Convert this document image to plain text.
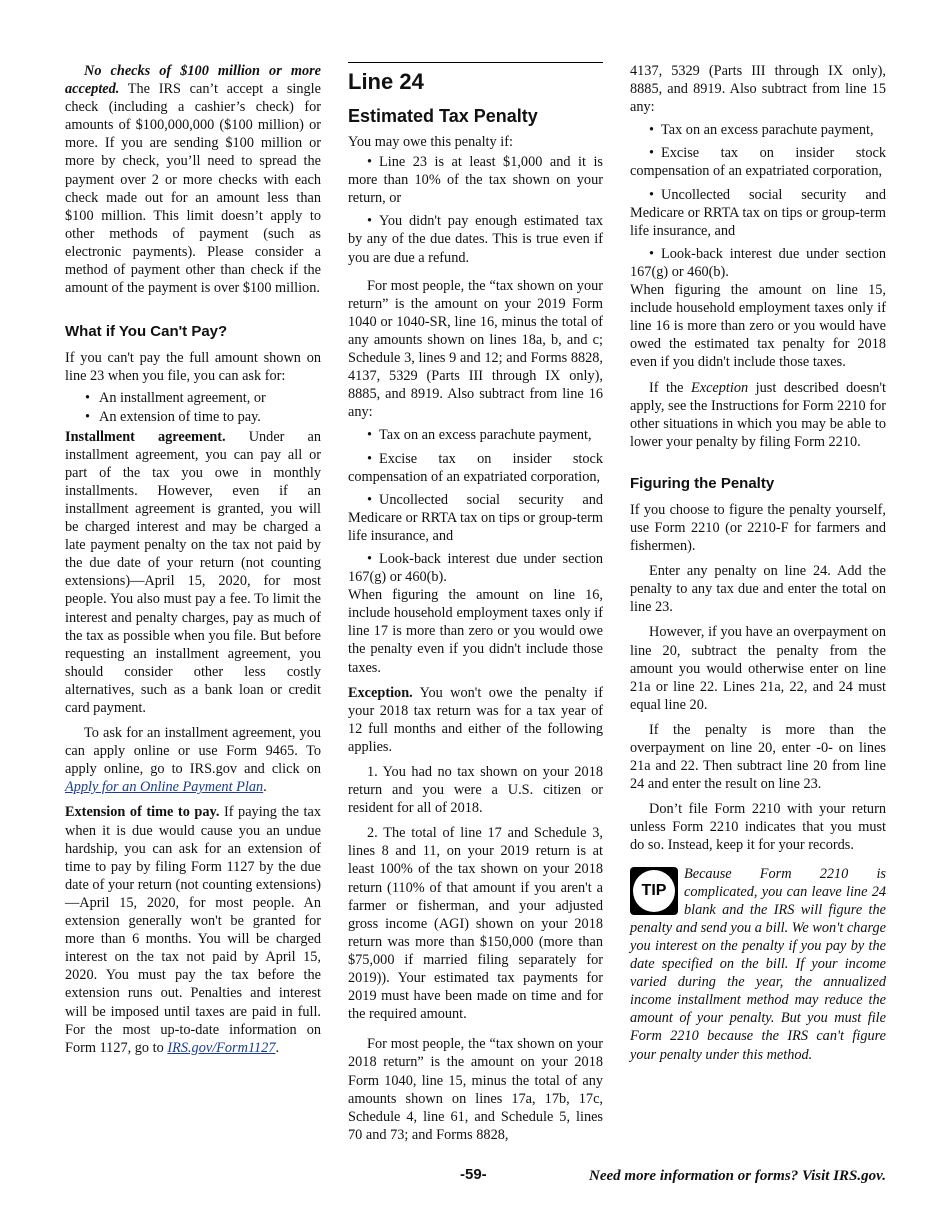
No checks of $100 million or more accepted. The IRS can’t accept a single check (including a cashier’s check) for amounts of $100,000,000 ($100 million) or more. If you are sending $100 million or more by check, you’ll need to spread the payment over 2 or more checks with each check made out for an amount less than $100 million. This limit doesn’t apply to other methods of payment (such as electronic payments). Please consider a method of payment other than check if the amount of the payment is over $100 million.

What if You Can't Pay?

If you can't pay the full amount shown on line 23 when you file, you can ask for:

• An installment agreement, or
• An extension of time to pay.

Installment agreement. Under an installment agreement, you can pay all or part of the tax you owe in monthly installments. However, even if an installment agreement is granted, you will be charged interest and may be charged a late payment penalty on the tax not paid by the due date of your return (not counting extensions)—April 15, 2020, for most people. You also must pay a fee. To limit the interest and penalty charges, pay as much of the tax as possible when you file. But before requesting an installment agreement, you should consider other less costly alternatives, such as a bank loan or credit card payment.

To ask for an installment agreement, you can apply online or use Form 9465. To apply online, go to IRS.gov and click on Apply for an Online Payment Plan.

Extension of time to pay. If paying the tax when it is due would cause you an undue hardship, you can ask for an extension of time to pay by filing Form 1127 by the due date of your return (not counting extensions)—April 15, 2020, for most people. An extension generally won't be granted for more than 6 months. You will be charged interest on the tax not paid by April 15, 2020. You must pay the tax before the extension runs out. Penalties and interest will be imposed until taxes are paid in full. For the most up-to-date information on Form 1127, go to IRS.gov/Form1127.

Line 24
Estimated Tax Penalty

You may owe this penalty if:

• Line 23 is at least $1,000 and it is more than 10% of the tax shown on your return, or

• You didn't pay enough estimated tax by any of the due dates. This is true even if you are due a refund.

For most people, the “tax shown on your return” is the amount on your 2019 Form 1040 or 1040-SR, line 16, minus the total of any amounts shown on lines 18a, b, and c; Schedule 3, lines 9 and 12; and Forms 8828, 4137, 5329 (Parts III through IX only), 8885, and 8919. Also subtract from line 16 any:

• Tax on an excess parachute payment,

• Excise tax on insider stock compensation of an expatriated corporation,

• Uncollected social security and Medicare or RRTA tax on tips or group-term life insurance, and

• Look-back interest due under section 167(g) or 460(b).

When figuring the amount on line 16, include household employment taxes only if line 17 is more than zero or you would owe the penalty even if you didn't include those taxes.

Exception. You won't owe the penalty if your 2018 tax return was for a tax year of 12 full months and either of the following applies.

1. You had no tax shown on your 2018 return and you were a U.S. citizen or resident for all of 2018.

2. The total of line 17 and Schedule 3, lines 8 and 11, on your 2019 return is at least 100% of the tax shown on your 2018 return (110% of that amount if you aren't a farmer or fisherman, and your adjusted gross income (AGI) shown on your 2018 return was more than $150,000 (more than $75,000 if married filing separately for 2019)). Your estimated tax payments for 2019 must have been made on time and for the required amount.

For most people, the “tax shown on your 2018 return” is the amount on your 2018 Form 1040, line 15, minus the total of any amounts shown on lines 17a, 17b, 17c, Schedule 4, line 61, and Schedule 5, lines 70 and 73; and Forms 8828,

4137, 5329 (Parts III through IX only), 8885, and 8919. Also subtract from line 15 any:

• Tax on an excess parachute payment,

• Excise tax on insider stock compensation of an expatriated corporation,

• Uncollected social security and Medicare or RRTA tax on tips or group-term life insurance, and

• Look-back interest due under section 167(g) or 460(b).

When figuring the amount on line 15, include household employment taxes only if line 16 is more than zero or you would have owed the estimated tax penalty for 2018 even if you didn't include those taxes.

If the Exception just described doesn't apply, see the Instructions for Form 2210 for other situations in which you may be able to lower your penalty by filing Form 2210.

Figuring the Penalty

If you choose to figure the penalty yourself, use Form 2210 (or 2210-F for farmers and fishermen).

Enter any penalty on line 24. Add the penalty to any tax due and enter the total on line 23.

However, if you have an overpayment on line 20, subtract the penalty from the amount you would otherwise enter on line 21a or line 22. Lines 21a, 22, and 24 must equal line 20.

If the penalty is more than the overpayment on line 20, enter -0- on lines 21a and 22. Then subtract line 20 from line 24 and enter the result on line 23.

Don’t file Form 2210 with your return unless Form 2210 indicates that you must do so. Instead, keep it for your records.

TIP

Because Form 2210 is complicated, you can leave line 24 blank and the IRS will figure the penalty and send you a bill. We won't charge you interest on the penalty if you pay by the date specified on the bill. If your income varied during the year, the annualized income installment method may reduce the amount of your penalty. But you must file Form 2210 because the IRS can't figure your penalty under this method.

-59-	Need more information or forms? Visit IRS.gov.
